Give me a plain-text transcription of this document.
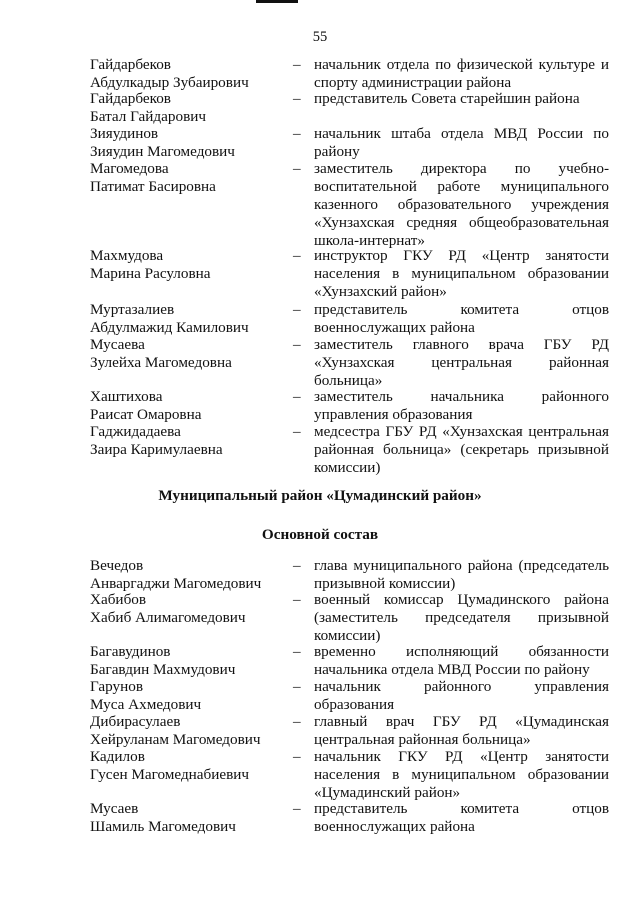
55
Гайдарбеков
Абдулкадыр Зубаирович
– начальник отдела по физической культуре и
спорту администрации района
Гайдарбеков
Батал Гайдарович
– представитель Совета старейшин района
Зияудинов
Зияудин Магомедович
– начальник штаба отдела МВД России по
району
Магомедова
Патимат Басировна
– заместитель директора по учебно-
воспитательной работе муниципального
казенного образовательного учреждения
«Хунзахская средняя общеобразовательная
школа-интернат»
Махмудова
Марина Расуловна
– инструктор ГКУ РД «Центр занятости
населения в муниципальном образовании
«Хунзахский район»
Муртазалиев
Абдулмажид Камилович
– представитель комитета отцов
военнослужащих района
Мусаева
Зулейха Магомедовна
– заместитель главного врача ГБУ РД
«Хунзахская центральная районная
больница»
Хаштихова
Раисат Омаровна
– заместитель начальника районного
управления образования
Гаджидадаева
Заира Каримулаевна
– медсестра ГБУ РД «Хунзахская центральная
районная больница» (секретарь призывной
комиссии)
Муниципальный район «Цумадинский район»
Основной состав
Вечедов
Анваргаджи Магомедович
– глава муниципального района (председатель
призывной комиссии)
Хабибов
Хабиб Алимагомедович
– военный комиссар Цумадинского района
(заместитель председателя призывной
комиссии)
Багавудинов
Багавдин Махмудович
– временно исполняющий обязанности
начальника отдела МВД России по району
Гарунов
Муса Ахмедович
– начальник районного управления
образования
Дибирасулаев
Хейруланам Магомедович
– главный врач ГБУ РД «Цумадинская
центральная районная больница»
Кадилов
Гусен Магомеднабиевич
– начальник ГКУ РД «Центр занятости
населения в муниципальном образовании
«Цумадинский район»
Мусаев
Шамиль Магомедович
– представитель комитета отцов
военнослужащих района
